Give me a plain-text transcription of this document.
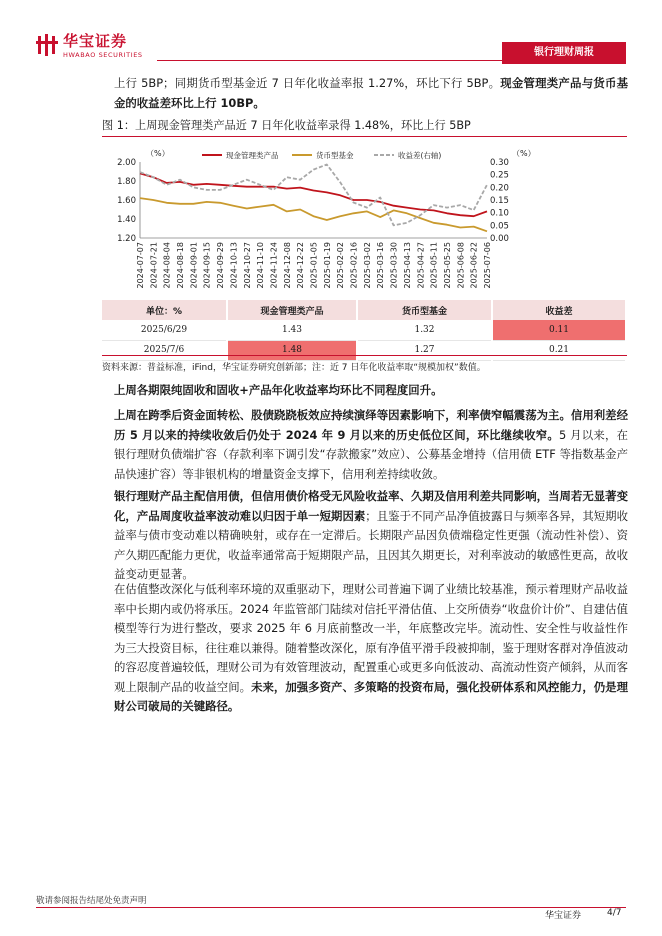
华宝证券
HWABAO SECURITIES	银行理财周报
上行 5BP；同期货币型基金近 7 日年化收益率报 1.27%，环比下行 5BP。现金管理类产品与货币基金的收益差环比上行 10BP。
图 1：上周现金管理类产品近 7 日年化收益率录得 1.48%，环比上行 5BP
1.20
1.40
1.60
1.80
2.00
0.00
0.05
0.10
0.15
0.20
0.25
0.30
（%）	（%）
2024-07-07 2024-07-21 2024-08-04 2024-08-18 2024-09-01 2024-09-15 2024-09-29 2024-10-13 2024-10-27 2024-11-10 2024-11-24 2024-12-08 2024-12-22 2025-01-05 2025-01-19 2025-02-02 2025-02-16 2025-03-02 2025-03-16 2025-03-30 2025-04-13 2025-04-27 2025-05-11 2025-05-25 2025-06-08 2025-06-22 2025-07-06
现金管理类产品	货币型基金	收益差(右轴)
单位：%	现金管理类产品	货币型基金	收益差
2025/6/29	1.43	1.32	0.11
2025/7/6	1.48	1.27	0.21
资料来源：普益标准，iFind，华宝证券研究创新部；注：近 7 日年化收益率取“规模加权”数值。
上周各期限纯固收和固收+产品年化收益率均环比不同程度回升。
上周在跨季后资金面转松、股债跷跷板效应持续演绎等因素影响下，利率债窄幅震荡为主。信用利差经历 5 月以来的持续收敛后仍处于 2024 年 9 月以来的历史低位区间，环比继续收窄。5 月以来，在银行理财负债端扩容（存款利率下调引发“存款搬家”效应）、公募基金增持（信用债 ETF 等指数基金产品快速扩容）等非银机构的增量资金支撑下，信用利差持续收敛。
银行理财产品主配信用债，但信用债价格受无风险收益率、久期及信用利差共同影响，当周若无显著变化，产品周度收益率波动难以归因于单一短期因素；且鉴于不同产品净值披露日与频率各异，其短期收益率与债市变动难以精确映射，或存在一定滞后。长期限产品因负债端稳定性更强（流动性补偿）、资产久期匹配能力更优，收益率通常高于短期限产品，且因其久期更长，对利率波动的敏感性更高，故收益变动更显著。
在估值整改深化与低利率环境的双重驱动下，理财公司普遍下调了业绩比较基准，预示着理财产品收益率中长期内或仍将承压。2024 年监管部门陆续对信托平滑估值、上交所债券“收盘价计价”、自建估值模型等行为进行整改，要求 2025 年 6 月底前整改一半，年底整改完毕。流动性、安全性与收益性作为三大投资目标，往往难以兼得。随着整改深化，原有净值平滑手段被抑制，鉴于理财客群对净值波动的容忍度普遍较低，理财公司为有效管理波动，配置重心或更多向低波动、高流动性资产倾斜，从而客观上限制产品的收益空间。未来，加强多资产、多策略的投资布局，强化投研体系和风控能力，仍是理财公司破局的关键路径。
敬请参阅报告结尾处免责声明
华宝证券	4/7
